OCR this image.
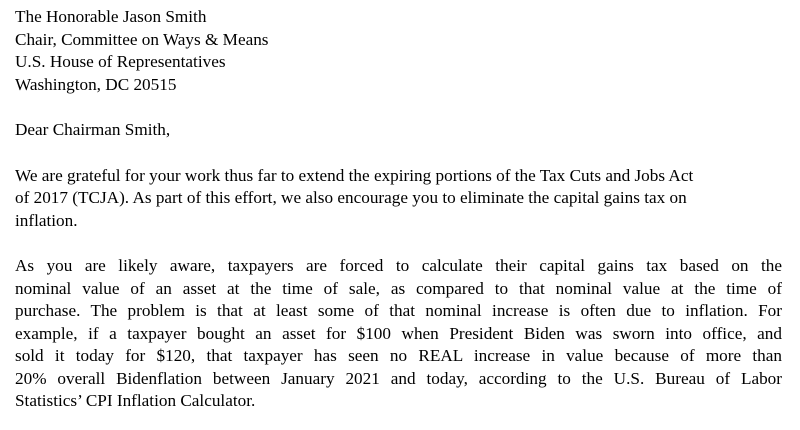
The Honorable Jason Smith
Chair, Committee on Ways & Means
U.S. House of Representatives
Washington, DC 20515

Dear Chairman Smith,

We are grateful for your work thus far to extend the expiring portions of the Tax Cuts and Jobs Act
of 2017 (TCJA). As part of this effort, we also encourage you to eliminate the capital gains tax on
inflation.

As you are likely aware, taxpayers are forced to calculate their capital gains tax based on the
nominal value of an asset at the time of sale, as compared to that nominal value at the time of
purchase. The problem is that at least some of that nominal increase is often due to inflation. For
example, if a taxpayer bought an asset for $100 when President Biden was sworn into office, and
sold it today for $120, that taxpayer has seen no REAL increase in value because of more than
20% overall Bidenflation between January 2021 and today, according to the U.S. Bureau of Labor
Statistics’ CPI Inflation Calculator.
